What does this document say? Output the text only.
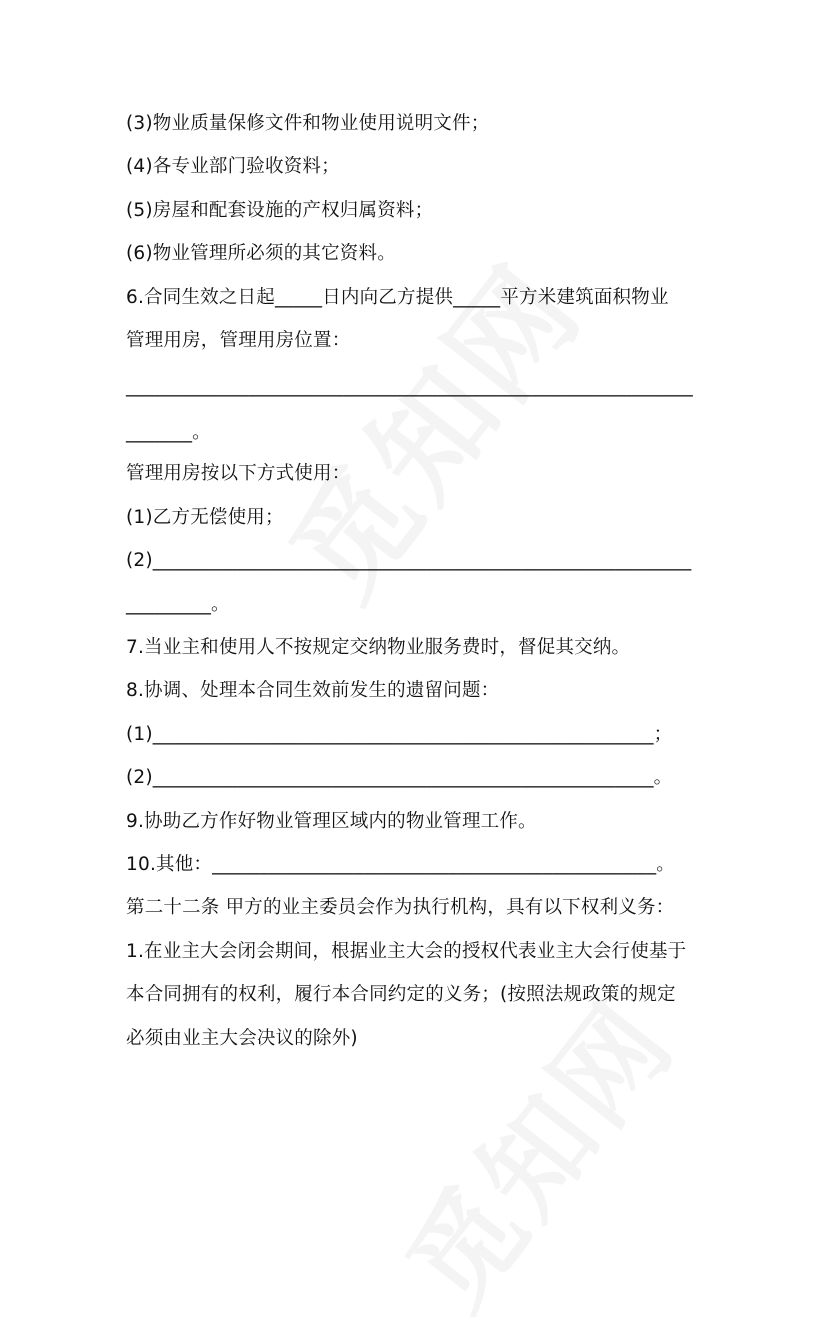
(3)物业质量保修文件和物业使用说明文件；
(4)各专业部门验收资料；
(5)房屋和配套设施的产权归属资料；
(6)物业管理所必须的其它资料。
6.合同生效之日起_____日内向乙方提供_____平方米建筑面积物业
管理用房，管理用房位置：
____________________________________________________________
_______。
管理用房按以下方式使用：
(1)乙方无偿使用；
(2)_________________________________________________________
_________。
7.当业主和使用人不按规定交纳物业服务费时，督促其交纳。
8.协调、处理本合同生效前发生的遗留问题：
(1)_____________________________________________________；
(2)_____________________________________________________。
9.协助乙方作好物业管理区域内的物业管理工作。
10.其他：_______________________________________________。
第二十二条 甲方的业主委员会作为执行机构，具有以下权利义务：
1.在业主大会闭会期间，根据业主大会的授权代表业主大会行使基于
本合同拥有的权利，履行本合同约定的义务；(按照法规政策的规定
必须由业主大会决议的除外)
